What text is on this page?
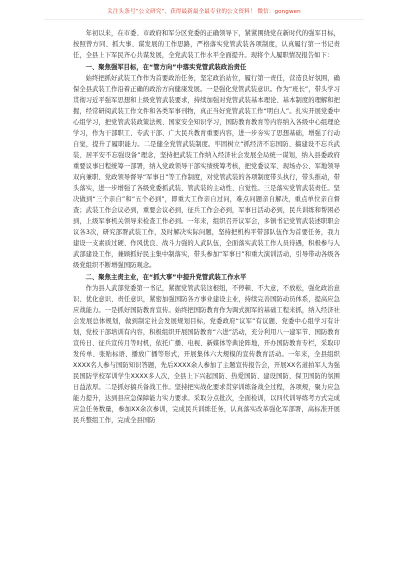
关注头条号“公文研究”，获得最新最全最专业的公文资料！ 微信：gongwen

年初以来，在市委、市政府和军分区党委的正确领导下，紧紧围绕党在新时代的强军目标，按照曾方同、抓大事、谋发展的工作思路，严格落实党管武装各项制度，认真履行第一书记责任，全县上下军民齐心共谋发展，全党武装工作水平全面提升。现将个人履职情况报告如下：

一、聚焦强军目标，在“管方向”中落实党管武装政治责任

始终把抓好武装工作作为首要政治任务，坚定政治站位，履行第一责任，营造良好氛围，确保全县武装工作沿着正确的政治方向健康发展。一是强化党管武装意识。作为“班长”，带头学习贯彻习近平强军思想和上级党管武装要求，持续加强对党管武装基本理论、基本制度的理解和把握，经常研阅武装工作文件和各类军事刊物，真正当好党管武装工作“明白人”。扎实开展党委中心组学习，把党管武装政策法规、国家安全知识学习，国防教育教育等内容纳入各级中心组理论学习，作为干部职工、专武干部、广大民兵教育重要内容，进一步夯实了思想基础，增强了行动自觉，提升了履职能力。二是健全党管武装制度。牢固树立“抓经济不忘国防、搞建设不忘兵武装、居平安不忘强设备”理念，坚持把武装工作纳入经济社会发展全局统一谋划，纳入县委政府重要议事日程统筹一部署，纳入党政领导干部实绩统筹考核，把党委议军、现场办公、军地领导双向兼职、党政领导督导“军事日”等工作制度，对党管武装的各项制度带头执行，带头推动，带头落实，进一步增强了各级党委抓武装、管武装的主动性、自觉性。三是落实党管武装责任。坚决做到“三个亲自”和“五个必到”，即重大工作亲自过问，难点问题亲自解决，重点单位亲自督查；武装工作会议必到，重要会议必到，征兵工作会必到，军事日活动必到，民兵训练和帮困必到，上级军事机关领导来检查工作必到。一年来，组织召开议军会，多镇书记党管武装述职职会议各3次，研究部署武装工作，及时解决实际问题，坚持把机构平带部队伍作为首要任务，我力建设一支素质过硬、作风优良、战斗力强的人武队伍，全面落实武装工作人员待遇，积极参与人武部建设工作，兼顾抓好民主集中制落实，带头参加“军事日”和重大演训活动，引导带动各级各级党组织不断增强国防观念。

二、聚焦主责主业，在“抓大事”中提升党管武装工作水平

作为县人武部党委第一书记，紧握党管武装这根纽，不停顿、不大意，不放松，强化政治意识、优化意识、责任意识，紧密加强国防各方事业建设主业，持续完善国防动员体系，提高应急应战能力。一是抓好国防教育宣传。始终把国防教育作为调式拥军的基础工程来抓，纳入经济社会发展总体规划，做到制定社会发展规划目标，党委政府“议军”有议题、党委中心组学习有计划，党校干部培训有内容，积极组织开展国防教育“六进”活动，充分利用八一建军节、国防教育宣传日、征兵宣传月等时机，依托广播、电视、新媒体等典论阵地，开办国防教育专栏，采取印发传单、张贴标语、播放广播等形式，开展集体六大规模的宣传教育活动。一年来，全县组织XXXX名人参与国防知识答题，先后XXXX余人参加了主题宣传报告会，开展XX名道拍军人为强民国防学校军训学生XXXX多人次，全县上下兴起国防、热爱国防、建设国防、保卫国防的氛围日益浓厚。二是抓好搞兵备战工作。坚持把实战化要求贯穿训练备战全过程，各项规，聚力应急能力提升，达到县应急保障能力实力要求。采取分点批次，全面检训，以四代训导练考方式完成应急任务数量，参加XX余次参训，完成民兵训练任务，认真落实改革强化军部署，高标准开展民兵整组工作，完成全县国防
